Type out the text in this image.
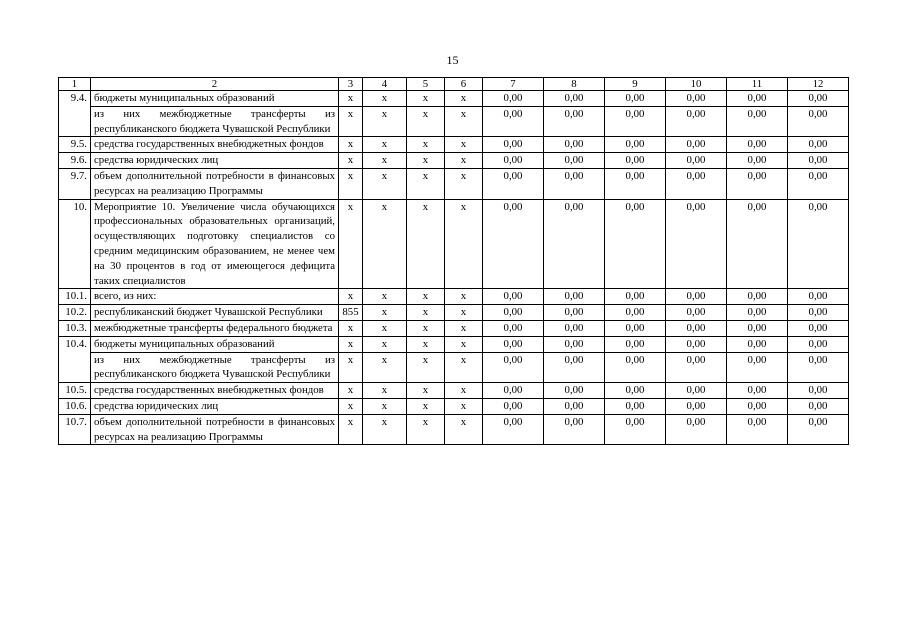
15
1	2	3	4	5	6	7	8	9	10	11	12
9.4.	бюджеты муниципальных образований	x	x	x	x	0,00	0,00	0,00	0,00	0,00	0,00
	из них межбюджетные трансферты из республиканского бюджета Чувашской Республики	x	x	x	x	0,00	0,00	0,00	0,00	0,00	0,00
9.5.	средства государственных внебюджетных фондов	x	x	x	x	0,00	0,00	0,00	0,00	0,00	0,00
9.6.	средства юридических лиц	x	x	x	x	0,00	0,00	0,00	0,00	0,00	0,00
9.7.	объем дополнительной потребности в финансовых ресурсах на реализацию Программы	x	x	x	x	0,00	0,00	0,00	0,00	0,00	0,00
10.	Мероприятие 10. Увеличение числа обучающихся профессиональных образовательных организаций, осуществляющих подготовку специалистов со средним медицинским образованием, не менее чем на 30 процентов в год от имеющегося дефицита таких специалистов	x	x	x	x	0,00	0,00	0,00	0,00	0,00	0,00
10.1.	всего, из них:	x	x	x	x	0,00	0,00	0,00	0,00	0,00	0,00
10.2.	республиканский бюджет Чувашской Республики	855	x	x	x	0,00	0,00	0,00	0,00	0,00	0,00
10.3.	межбюджетные трансферты федерального бюджета	x	x	x	x	0,00	0,00	0,00	0,00	0,00	0,00
10.4.	бюджеты муниципальных образований	x	x	x	x	0,00	0,00	0,00	0,00	0,00	0,00
	из них межбюджетные трансферты из республиканского бюджета Чувашской Республики	x	x	x	x	0,00	0,00	0,00	0,00	0,00	0,00
10.5.	средства государственных внебюджетных фондов	x	x	x	x	0,00	0,00	0,00	0,00	0,00	0,00
10.6.	средства юридических лиц	x	x	x	x	0,00	0,00	0,00	0,00	0,00	0,00
10.7.	объем дополнительной потребности в финансовых ресурсах на реализацию Программы	x	x	x	x	0,00	0,00	0,00	0,00	0,00	0,00
